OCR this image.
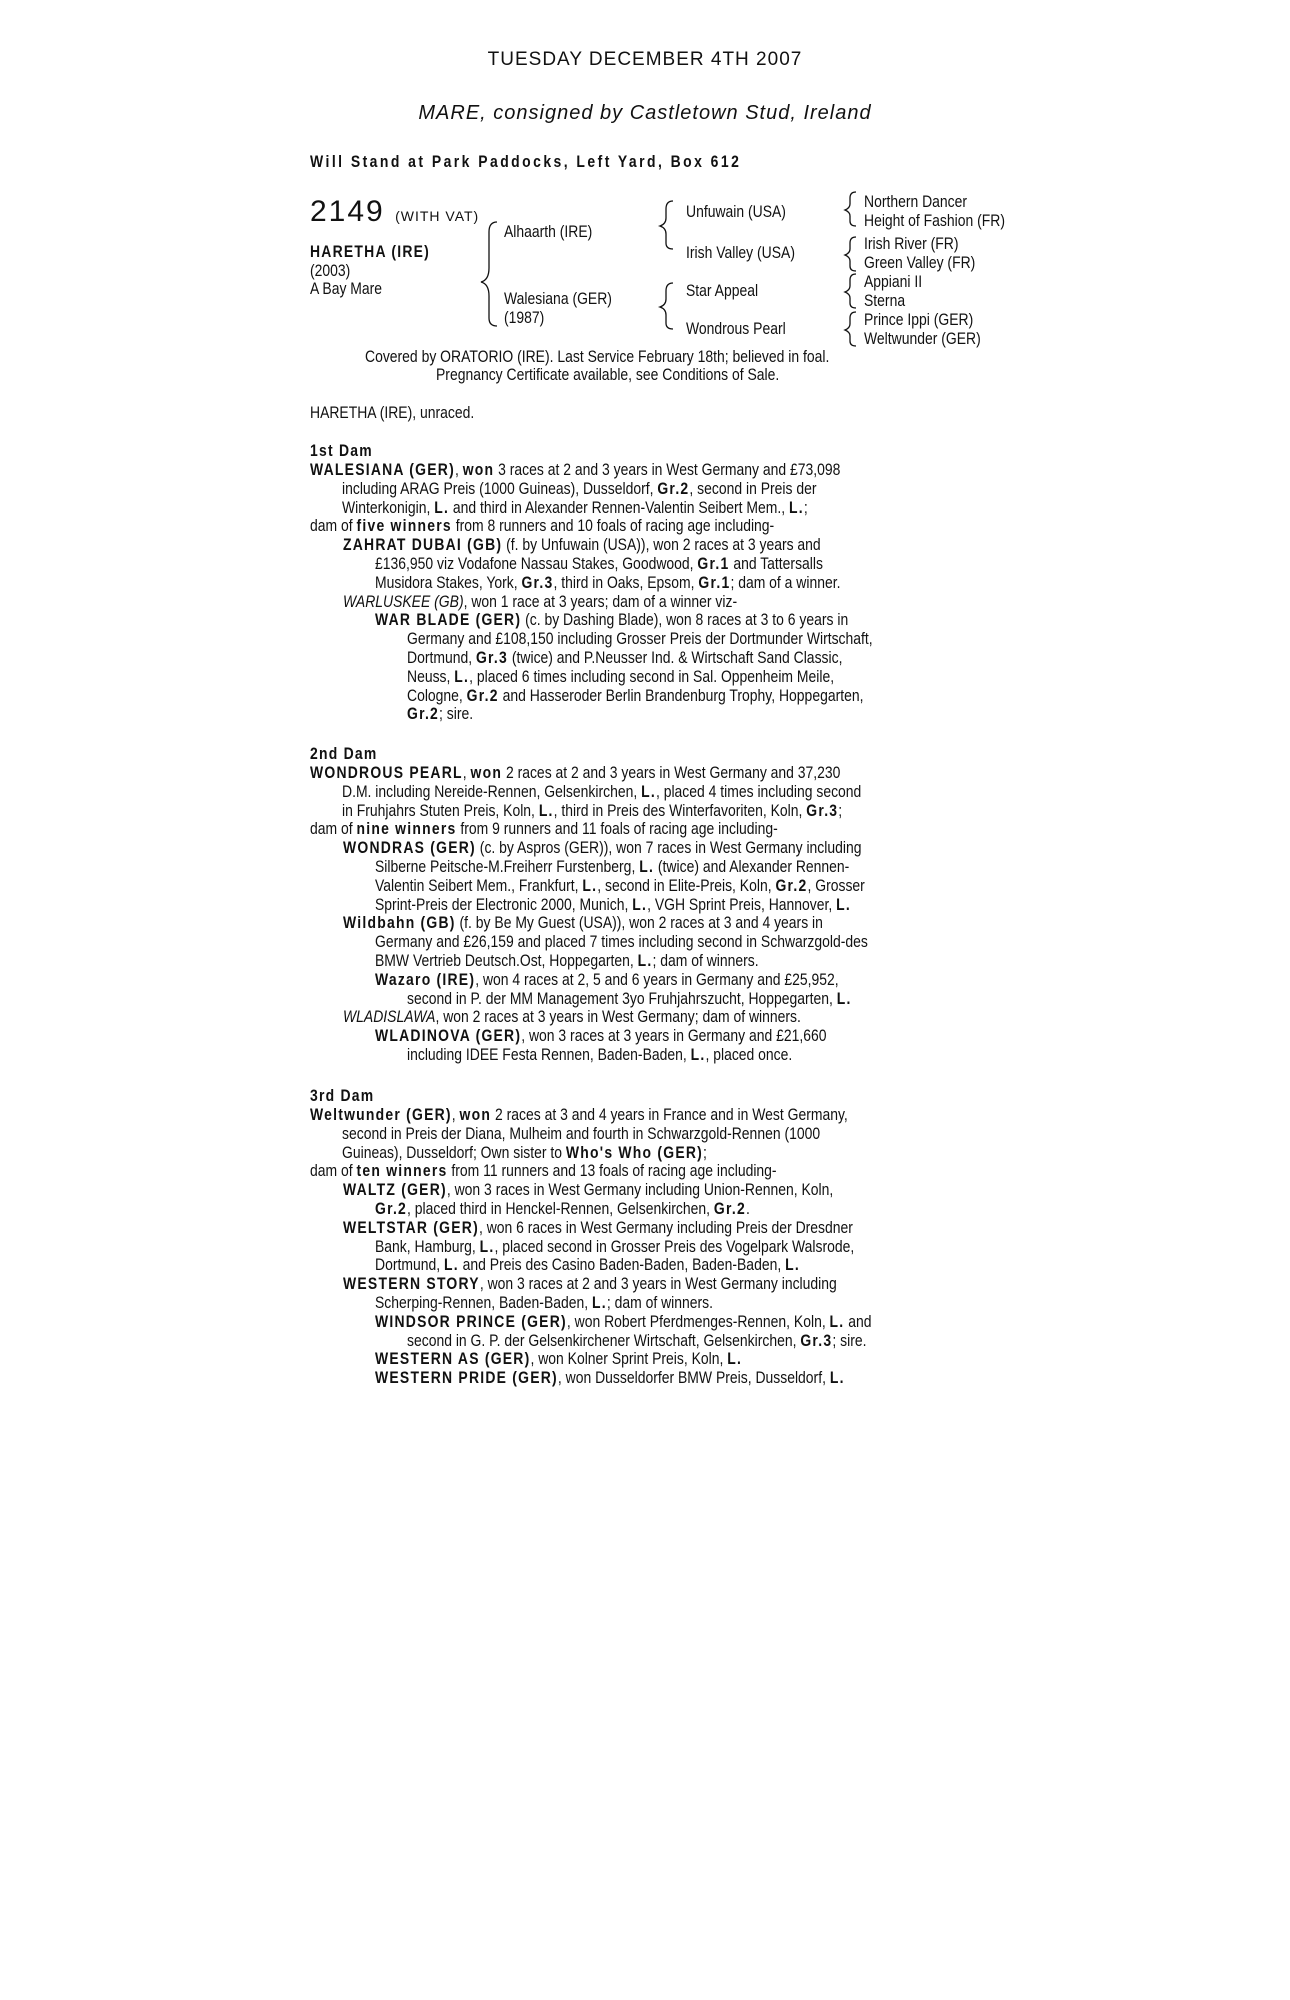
TUESDAY DECEMBER 4TH 2007
MARE, consigned by Castletown Stud, Ireland
Will Stand at Park Paddocks, Left Yard, Box 612
2149 (WITH VAT)
HARETHA (IRE)
(2003)
A Bay Mare
Alhaarth (IRE)
Walesiana (GER)
(1987)
Unfuwain (USA)
Irish Valley (USA)
Star Appeal
Wondrous Pearl
Northern Dancer
Height of Fashion (FR)
Irish River (FR)
Green Valley (FR)
Appiani II
Sterna
Prince Ippi (GER)
Weltwunder (GER)
Covered by ORATORIO (IRE). Last Service February 18th; believed in foal.
Pregnancy Certificate available, see Conditions of Sale.
HARETHA (IRE), unraced.
1st Dam
WALESIANA (GER), won 3 races at 2 and 3 years in West Germany and £73,098
including ARAG Preis (1000 Guineas), Dusseldorf, Gr.2, second in Preis der
Winterkonigin, L. and third in Alexander Rennen-Valentin Seibert Mem., L.;
dam of five winners from 8 runners and 10 foals of racing age including-
ZAHRAT DUBAI (GB) (f. by Unfuwain (USA)), won 2 races at 3 years and
£136,950 viz Vodafone Nassau Stakes, Goodwood, Gr.1 and Tattersalls
Musidora Stakes, York, Gr.3, third in Oaks, Epsom, Gr.1; dam of a winner.
WARLUSKEE (GB), won 1 race at 3 years; dam of a winner viz-
WAR BLADE (GER) (c. by Dashing Blade), won 8 races at 3 to 6 years in
Germany and £108,150 including Grosser Preis der Dortmunder Wirtschaft,
Dortmund, Gr.3 (twice) and P.Neusser Ind. & Wirtschaft Sand Classic,
Neuss, L., placed 6 times including second in Sal. Oppenheim Meile,
Cologne, Gr.2 and Hasseroder Berlin Brandenburg Trophy, Hoppegarten,
Gr.2; sire.
2nd Dam
WONDROUS PEARL, won 2 races at 2 and 3 years in West Germany and 37,230
D.M. including Nereide-Rennen, Gelsenkirchen, L., placed 4 times including second
in Fruhjahrs Stuten Preis, Koln, L., third in Preis des Winterfavoriten, Koln, Gr.3;
dam of nine winners from 9 runners and 11 foals of racing age including-
WONDRAS (GER) (c. by Aspros (GER)), won 7 races in West Germany including
Silberne Peitsche-M.Freiherr Furstenberg, L. (twice) and Alexander Rennen-
Valentin Seibert Mem., Frankfurt, L., second in Elite-Preis, Koln, Gr.2, Grosser
Sprint-Preis der Electronic 2000, Munich, L., VGH Sprint Preis, Hannover, L.
Wildbahn (GB) (f. by Be My Guest (USA)), won 2 races at 3 and 4 years in
Germany and £26,159 and placed 7 times including second in Schwarzgold-des
BMW Vertrieb Deutsch.Ost, Hoppegarten, L.; dam of winners.
Wazaro (IRE), won 4 races at 2, 5 and 6 years in Germany and £25,952,
second in P. der MM Management 3yo Fruhjahrszucht, Hoppegarten, L.
WLADISLAWA, won 2 races at 3 years in West Germany; dam of winners.
WLADINOVA (GER), won 3 races at 3 years in Germany and £21,660
including IDEE Festa Rennen, Baden-Baden, L., placed once.
3rd Dam
Weltwunder (GER), won 2 races at 3 and 4 years in France and in West Germany,
second in Preis der Diana, Mulheim and fourth in Schwarzgold-Rennen (1000
Guineas), Dusseldorf; Own sister to Who's Who (GER);
dam of ten winners from 11 runners and 13 foals of racing age including-
WALTZ (GER), won 3 races in West Germany including Union-Rennen, Koln,
Gr.2, placed third in Henckel-Rennen, Gelsenkirchen, Gr.2.
WELTSTAR (GER), won 6 races in West Germany including Preis der Dresdner
Bank, Hamburg, L., placed second in Grosser Preis des Vogelpark Walsrode,
Dortmund, L. and Preis des Casino Baden-Baden, Baden-Baden, L.
WESTERN STORY, won 3 races at 2 and 3 years in West Germany including
Scherping-Rennen, Baden-Baden, L.; dam of winners.
WINDSOR PRINCE (GER), won Robert Pferdmenges-Rennen, Koln, L. and
second in G. P. der Gelsenkirchener Wirtschaft, Gelsenkirchen, Gr.3; sire.
WESTERN AS (GER), won Kolner Sprint Preis, Koln, L.
WESTERN PRIDE (GER), won Dusseldorfer BMW Preis, Dusseldorf, L.
